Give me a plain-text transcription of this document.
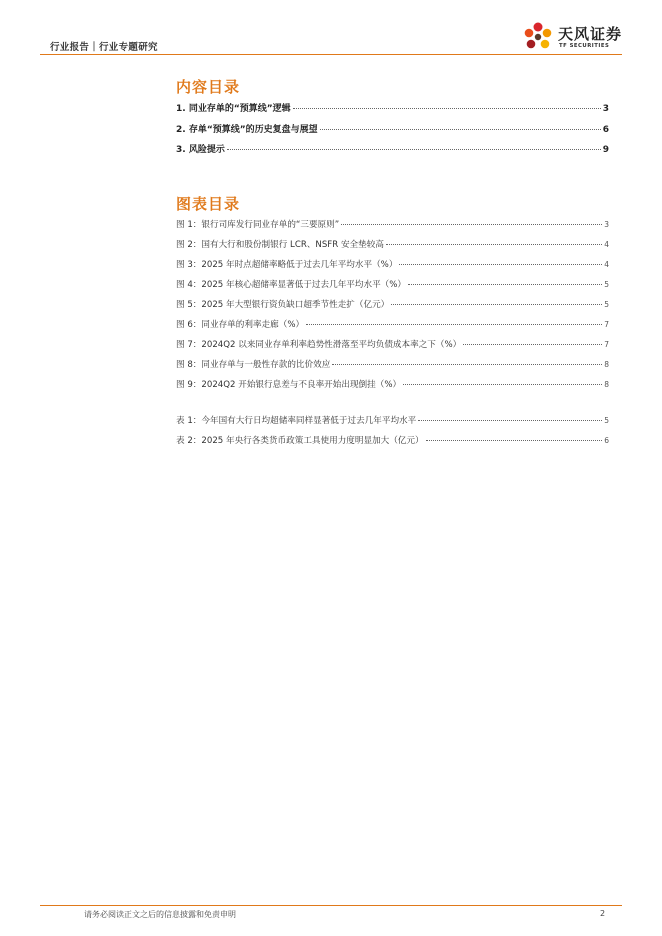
行业报告｜行业专题研究
天风证券
TF SECURITIES
内容目录
1. 同业存单的“预算线”逻辑	3
2. 存单“预算线”的历史复盘与展望	6
3. 风险提示	9
图表目录
图 1：银行司库发行同业存单的“三要原则”	3
图 2：国有大行和股份制银行 LCR、NSFR 安全垫较高	4
图 3：2025 年时点超储率略低于过去几年平均水平（%）	4
图 4：2025 年核心超储率显著低于过去几年平均水平（%）	5
图 5：2025 年大型银行资负缺口超季节性走扩（亿元）	5
图 6：同业存单的利率走廊（%）	7
图 7：2024Q2 以来同业存单利率趋势性滑落至平均负债成本率之下（%）	7
图 8：同业存单与一般性存款的比价效应	8
图 9：2024Q2 开始银行息差与不良率开始出现倒挂（%）	8
表 1：今年国有大行日均超储率同样显著低于过去几年平均水平	5
表 2：2025 年央行各类货币政策工具使用力度明显加大（亿元）	6
请务必阅读正文之后的信息披露和免责申明	2
